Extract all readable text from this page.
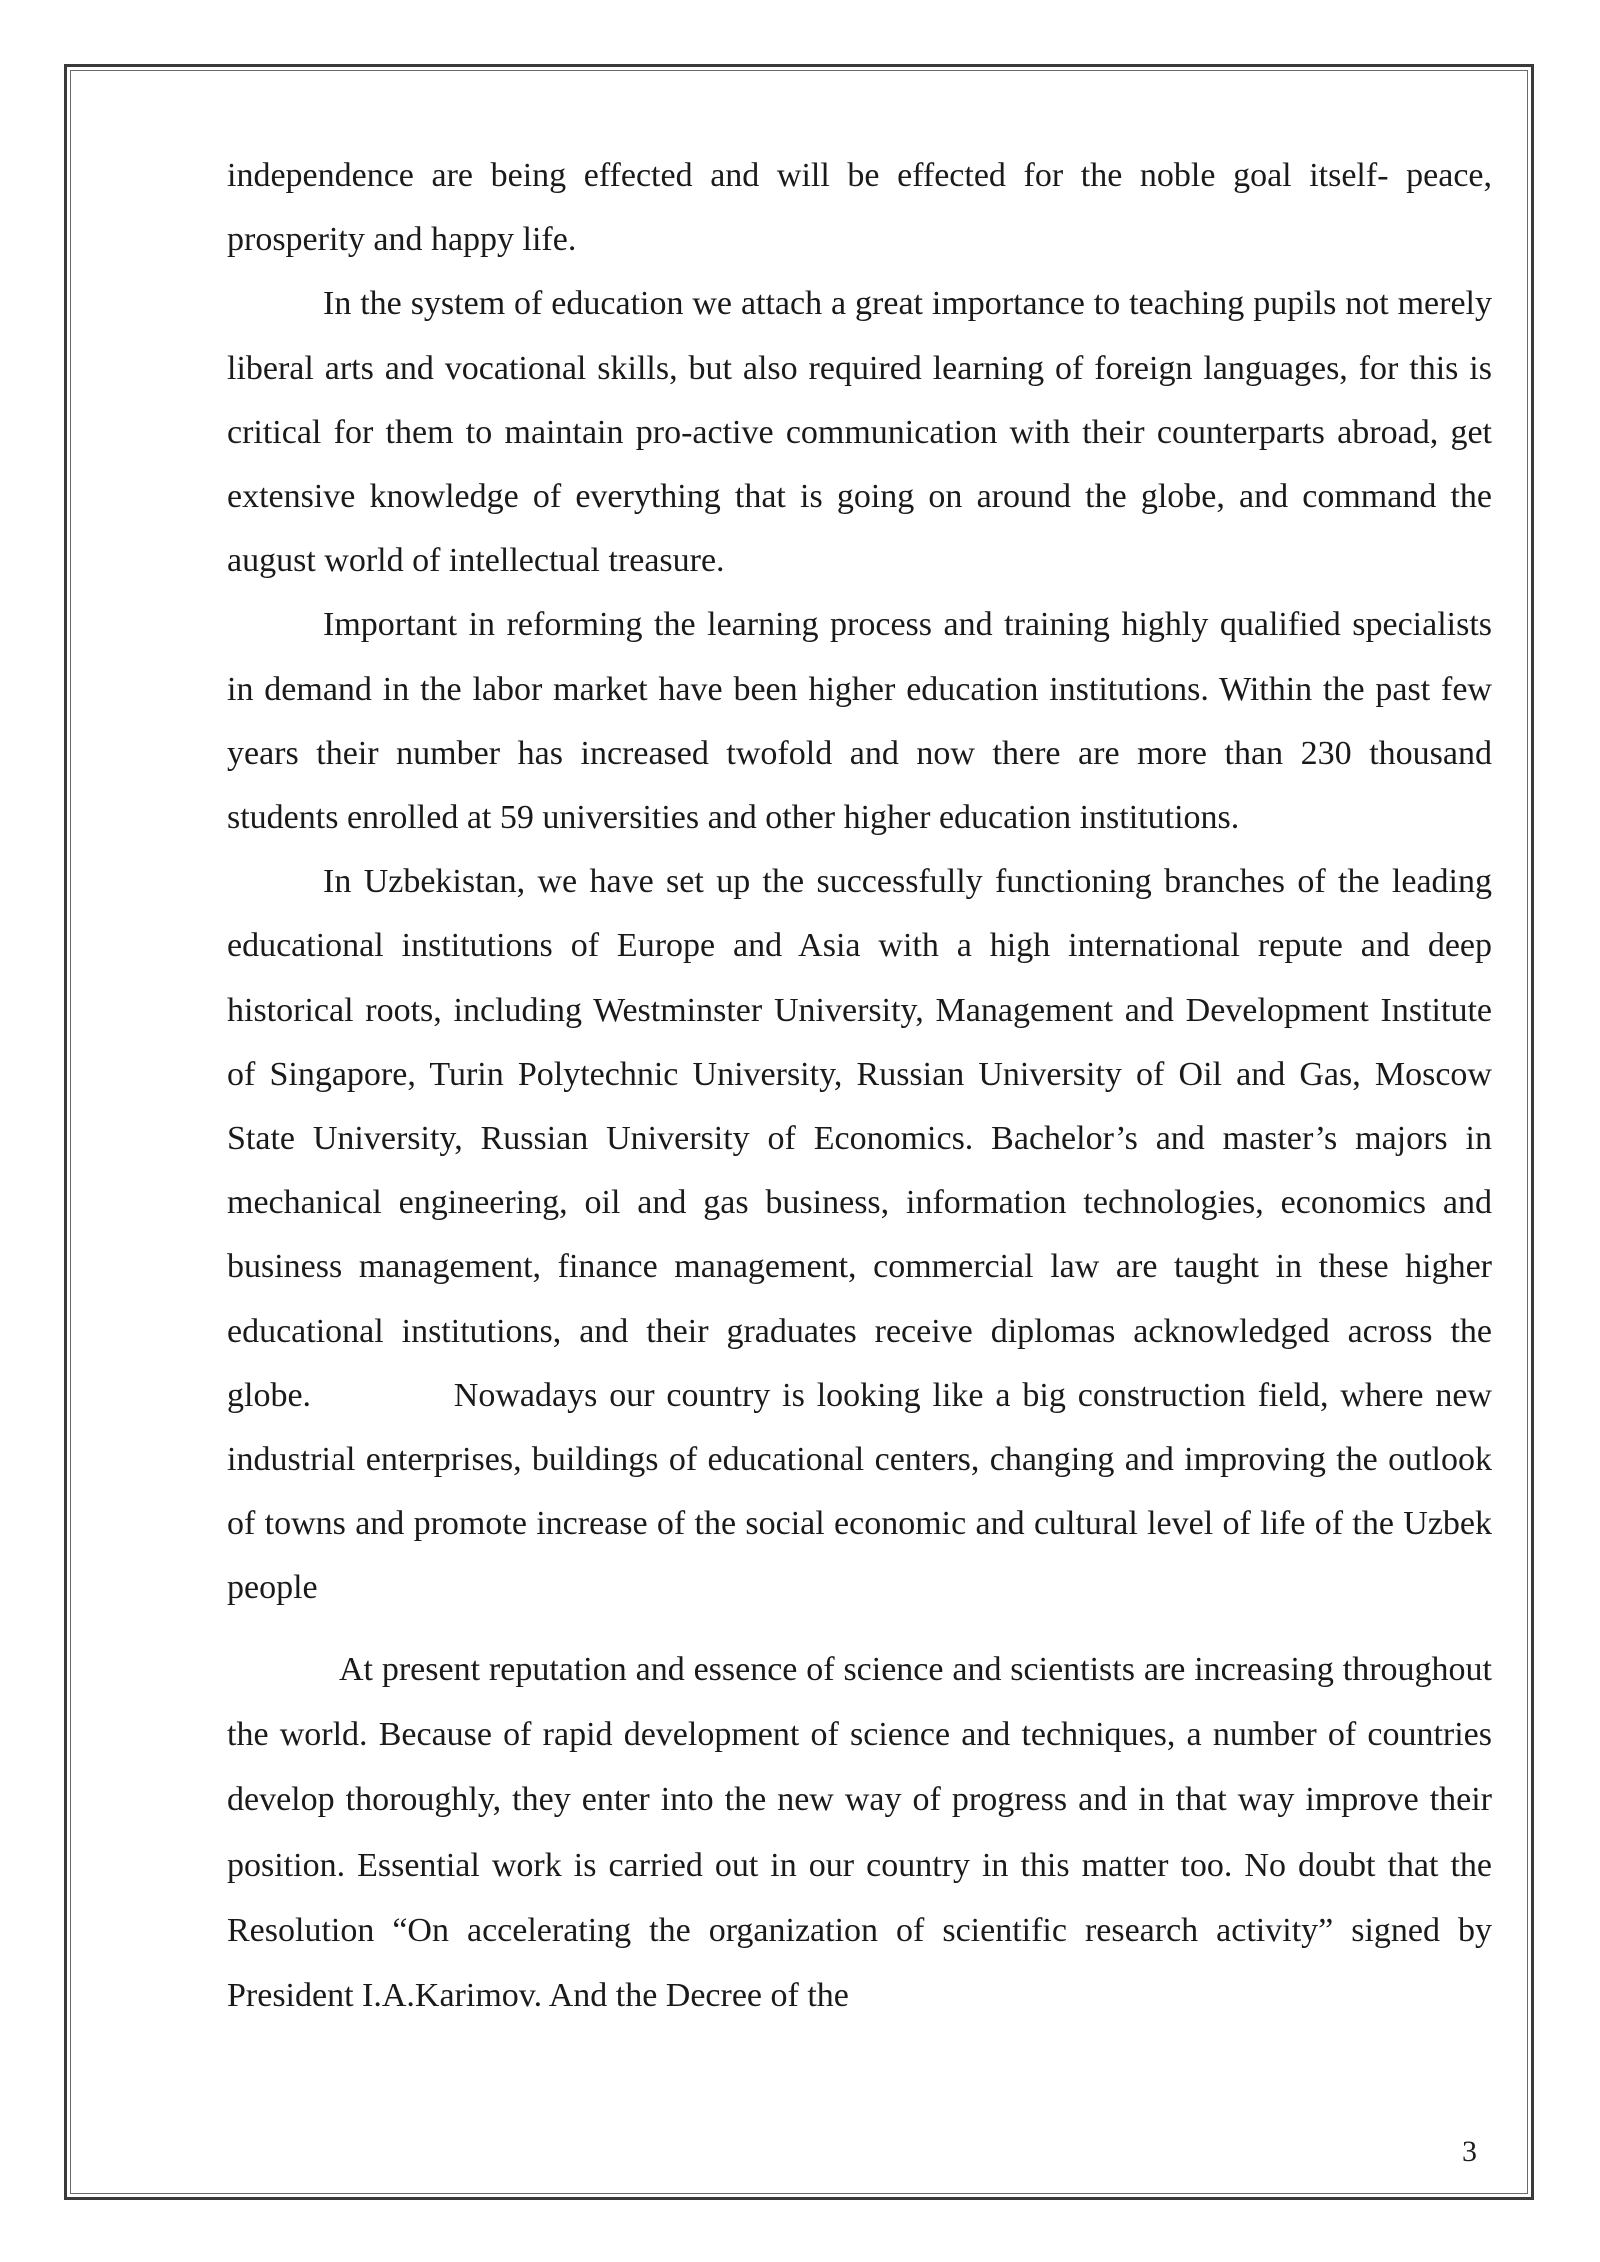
independence are being effected and will be effected for the noble goal itself- peace, prosperity and happy life.

In the system of education we attach a great importance to teaching pupils not merely liberal arts and vocational skills, but also required learning of foreign languages, for this is critical for them to maintain pro-active communication with their counterparts abroad, get extensive knowledge of everything that is going on around the globe, and command the august world of intellectual treasure.

Important in reforming the learning process and training highly qualified specialists in demand in the labor market have been higher education institutions. Within the past few years their number has increased twofold and now there are more than 230 thousand students enrolled at 59 universities and other higher education institutions.

In Uzbekistan, we have set up the successfully functioning branches of the leading educational institutions of Europe and Asia with a high international repute and deep historical roots, including Westminster University, Management and Development Institute of Singapore, Turin Polytechnic University, Russian University of Oil and Gas, Moscow State University, Russian University of Economics. Bachelor’s and master’s majors in mechanical engineering, oil and gas business, information technologies, economics and business management, finance management, commercial law are taught in these higher educational institutions, and their graduates receive diplomas acknowledged across the globe.            Nowadays our country is looking like a big construction field, where new industrial enterprises, buildings of educational centers, changing and improving the outlook of towns and promote increase of the social economic and cultural level of life of the Uzbek people

At present reputation and essence of science and scientists are increasing throughout the world. Because of rapid development of science and techniques, a number of countries develop thoroughly, they enter into the new way of progress and in that way improve their position. Essential work is carried out in our country in this matter too. No doubt that the Resolution “On accelerating the organization of scientific research activity” signed by President I.A.Karimov. And the Decree of the

3
